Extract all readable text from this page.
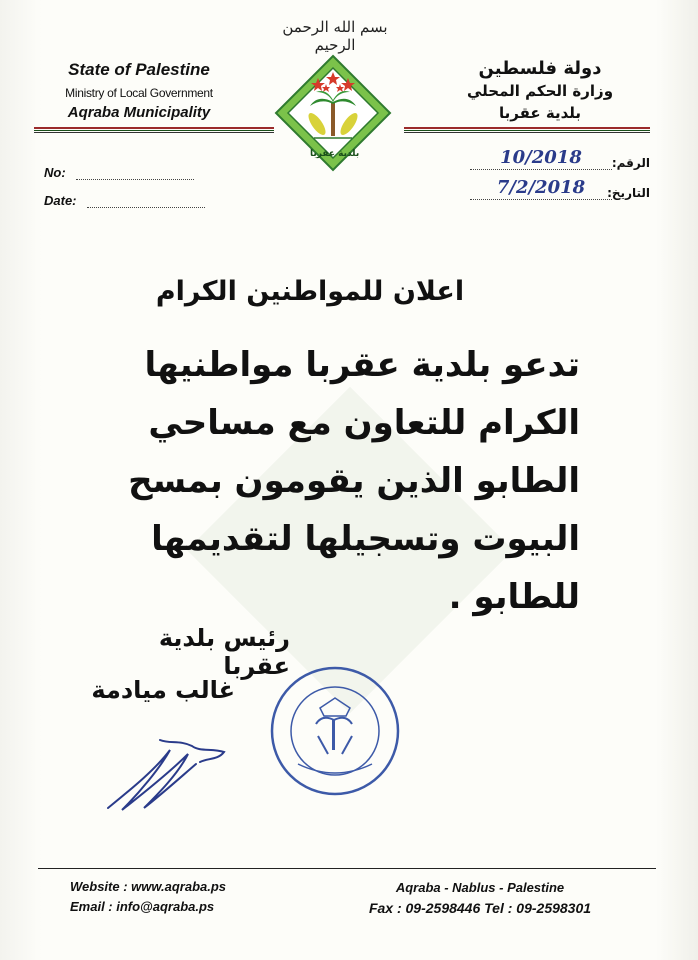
بسم الله الرحمن الرحيم
State of Palestine
Ministry of Local Government
Aqraba Municipality
بلدية عقربا
دولة فلسطين
وزارة الحكم المحلي
بلدية عقربا
No:
Date:
الرقم:
10/2018
التاريخ:
7/2/2018
اعلان للمواطنين الكرام
تدعو بلدية عقربا مواطنيها
الكرام للتعاون مع مساحي
الطابو الذين يقومون بمسح
البيوت وتسجيلها لتقديمها
للطابو .
رئيس بلدية عقربا
غالب ميادمة
Website : www.aqraba.ps
Email : info@aqraba.ps
Aqraba - Nablus - Palestine
Fax : 09-2598446 Tel : 09-2598301
